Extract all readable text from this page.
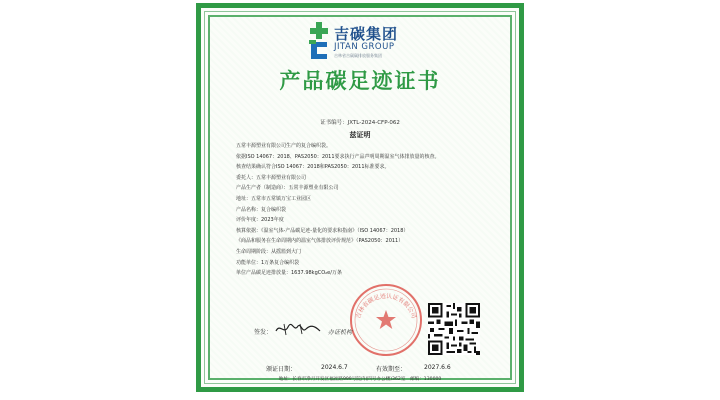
吉碳集团
JITAN GROUP
吉林省吉碳碳排放服务集团
产品碳足迹证书
证书编号：JXTL-2024-CFP-062
兹证明
五常丰源塑业有限公司生产的复合编织袋。
依据ISO 14067：2018、PAS2050：2011要求执行产品声明周期温室气体排放量的核查。
核查结果确认符合ISO 14067：2018和PAS2050：2011标准要求。
委托人：五常丰源塑业有限公司
产品生产者（制造商）：五常丰源塑业有限公司
地址：五常市五常镇万宝工业园区
产品名称：复合编织袋
评价年度：2023年度
核算依据：《温室气体-产品碳足迹-量化的要求和指南》（ISO 14067：2018）
《商品和服务在生命周期内的温室气体排放评价规范》（PAS2050：2011）
生命周期阶段：从摇篮到大门
功能单位：1万条复合编织袋
单位产品碳足迹排放量：1637.98kgCO₂e/万条
吉林省碳足迹认证有限公司
签发：	办证机构
颁证日期：	2024.6.7	有效期至：	2027.6.6
地址：长春市净月开发区福祉路999号院内(四号办公楼)362室　邮编：130000
